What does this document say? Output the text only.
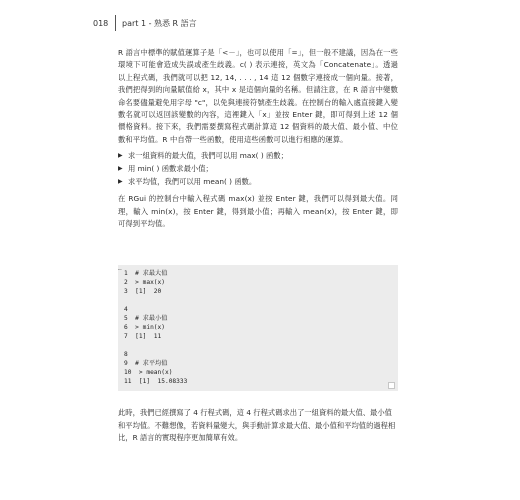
018	part 1 - 熟悉 R 語言

R 語言中標準的賦值運算子是「<－」，也可以使用「=」，但一般不建議，因為在一些環境下可能會造成失誤或產生歧義。c( ) 表示連接，英文為「Concatenate」。透過以上程式碼，我們就可以把 12, 14, . . . , 14 這 12 個數字連接成一個向量。接著，我們把得到的向量賦值給 x，其中 x 是這個向量的名稱。但請注意，在 R 語言中變數命名要儘量避免用字母 "c"，以免與連接符號產生歧義。在控制台的輸入處直接鍵入變數名就可以返回該變數的內容，這裡鍵入「x」並按 Enter 鍵，即可得到上述 12 個價格資料。接下來，我們需要撰寫程式碼計算這 12 個資料的最大值、最小值、中位數和平均值。R 中自帶一些函數，使用這些函數可以進行相應的運算。

▶ 求一組資料的最大值，我們可以用 max( ) 函數；
▶ 用 min( ) 函數求最小值；
▶ 求平均值，我們可以用 mean( ) 函數。

在 RGui 的控制台中輸入程式碼 max(x) 並按 Enter 鍵，我們可以得到最大值。同理，輸入 min(x)，按 Enter 鍵，得到最小值；再輸入 mean(x)，按 Enter 鍵，即可得到平均值。

…
1  # 求最大值
2  > max(x)
3  [1]  20
4
5  # 求最小值
6  > min(x)
7  [1]  11
8
9  # 求平均值
10  > mean(x)
11  [1]  15.08333

此時，我們已經撰寫了 4 行程式碼，這 4 行程式碼求出了一組資料的最大值、最小值和平均值。不難想像，若資料量變大，與手動計算求最大值、最小值和平均值的過程相比，R 語言的實現程序更加簡單有效。
